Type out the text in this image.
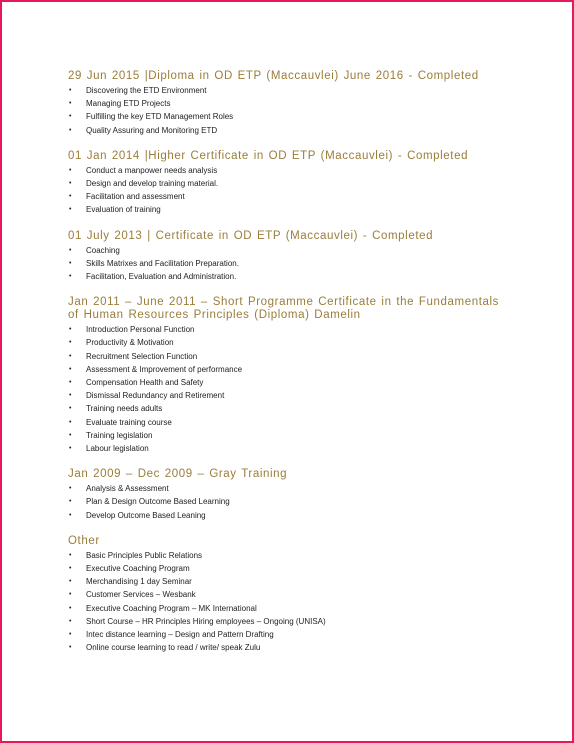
29 Jun 2015 |Diploma in OD ETP (Maccauvlei) June 2016 - Completed
• Discovering the ETD Environment
• Managing ETD Projects
• Fulfilling the key ETD Management Roles
• Quality Assuring and Monitoring ETD
01 Jan 2014 |Higher Certificate in OD ETP (Maccauvlei) - Completed
• Conduct a manpower needs analysis
• Design and develop training material.
• Facilitation and assessment
• Evaluation of training
01 July 2013 | Certificate in OD ETP (Maccauvlei) - Completed
• Coaching
• Skills Matrixes and Facilitation Preparation.
• Facilitation, Evaluation and Administration.
Jan 2011 – June 2011 – Short Programme Certificate in the Fundamentals of Human Resources Principles (Diploma) Damelin
• Introduction Personal Function
• Productivity & Motivation
• Recruitment Selection Function
• Assessment & Improvement of performance
• Compensation Health and Safety
• Dismissal Redundancy and Retirement
• Training needs adults
• Evaluate training course
• Training legislation
• Labour legislation
Jan 2009 – Dec 2009 – Gray Training
• Analysis & Assessment
• Plan & Design Outcome Based Learning
• Develop Outcome Based Leaning
Other
• Basic Principles Public Relations
• Executive Coaching Program
• Merchandising 1 day Seminar
• Customer Services – Wesbank
• Executive Coaching Program – MK International
• Short Course – HR Principles Hiring employees – Ongoing (UNISA)
• Intec distance learning – Design and Pattern Drafting
• Online course learning to read / write/ speak Zulu
